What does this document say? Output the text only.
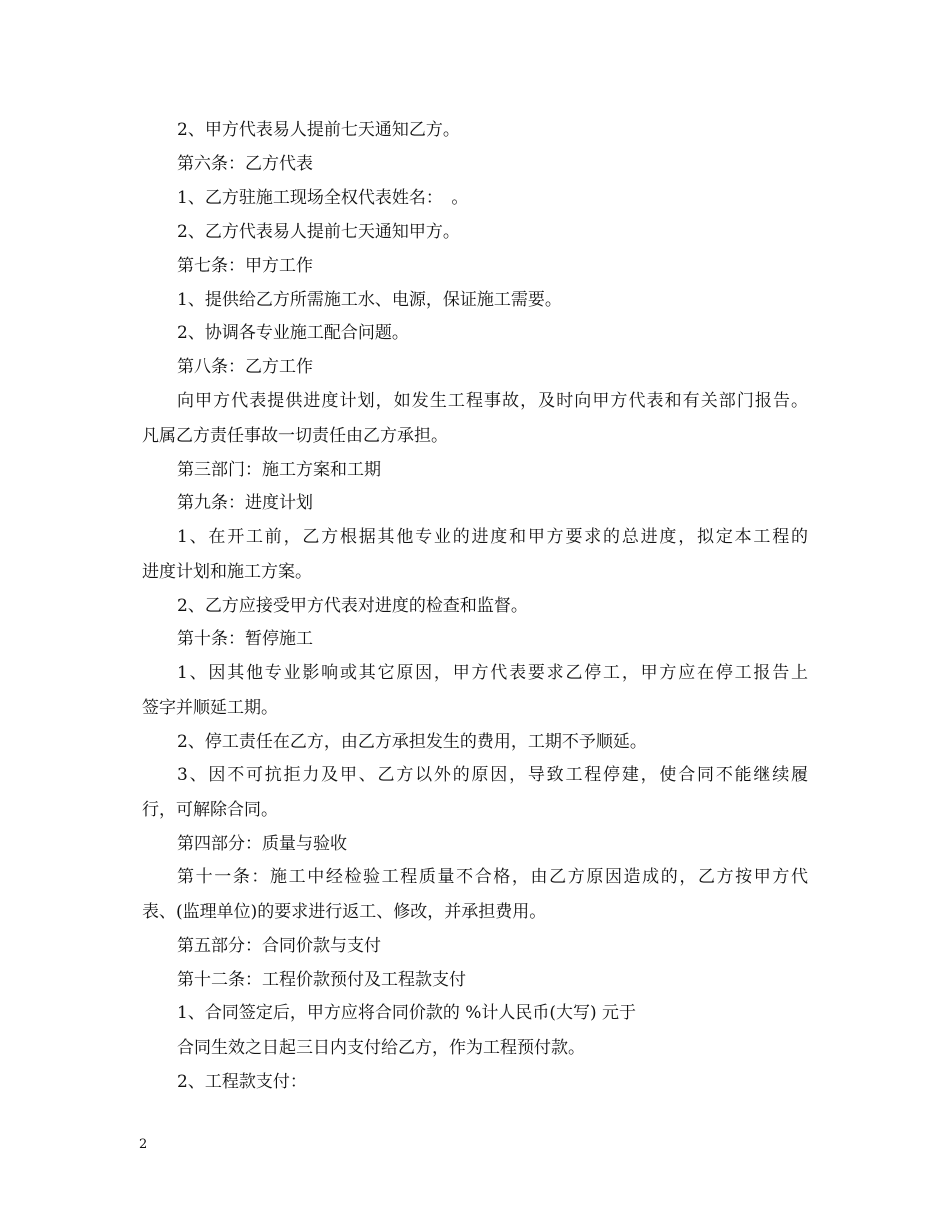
2、甲方代表易人提前七天通知乙方。
第六条：乙方代表
1、乙方驻施工现场全权代表姓名：　。
2、乙方代表易人提前七天通知甲方。
第七条：甲方工作
1、提供给乙方所需施工水、电源，保证施工需要。
2、协调各专业施工配合问题。
第八条：乙方工作
向甲方代表提供进度计划，如发生工程事故，及时向甲方代表和有关部门报告。
凡属乙方责任事故一切责任由乙方承担。
第三部门：施工方案和工期
第九条：进度计划
1、在开工前，乙方根据其他专业的进度和甲方要求的总进度，拟定本工程的
进度计划和施工方案。
2、乙方应接受甲方代表对进度的检查和监督。
第十条：暂停施工
1、因其他专业影响或其它原因，甲方代表要求乙停工，甲方应在停工报告上
签字并顺延工期。
2、停工责任在乙方，由乙方承担发生的费用，工期不予顺延。
3、因不可抗拒力及甲、乙方以外的原因，导致工程停建，使合同不能继续履
行，可解除合同。
第四部分：质量与验收
第十一条：施工中经检验工程质量不合格，由乙方原因造成的，乙方按甲方代
表、(监理单位)的要求进行返工、修改，并承担费用。
第五部分：合同价款与支付
第十二条：工程价款预付及工程款支付
1、合同签定后，甲方应将合同价款的 %计人民币(大写) 元于
合同生效之日起三日内支付给乙方，作为工程预付款。
2、工程款支付：
2
